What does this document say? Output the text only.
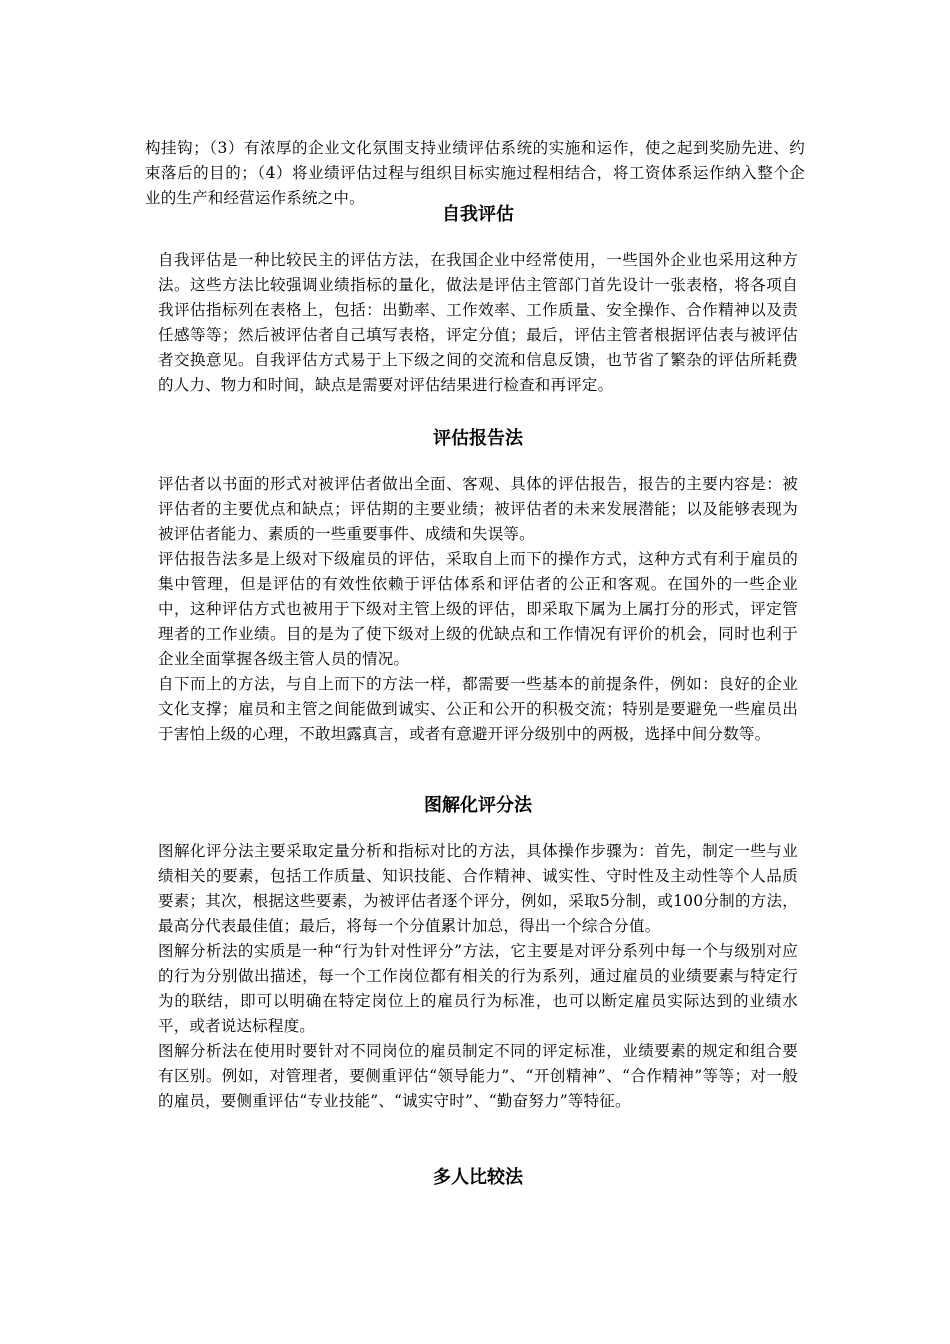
构挂钩；（3）有浓厚的企业文化氛围支持业绩评估系统的实施和运作，使之起到奖励先进、约束落后的目的；（4）将业绩评估过程与组织目标实施过程相结合，将工资体系运作纳入整个企业的生产和经营运作系统之中。

自我评估

自我评估是一种比较民主的评估方法，在我国企业中经常使用，一些国外企业也采用这种方法。这些方法比较强调业绩指标的量化，做法是评估主管部门首先设计一张表格，将各项自我评估指标列在表格上，包括：出勤率、工作效率、工作质量、安全操作、合作精神以及责任感等等；然后被评估者自己填写表格，评定分值；最后，评估主管者根据评估表与被评估者交换意见。自我评估方式易于上下级之间的交流和信息反馈，也节省了繁杂的评估所耗费的人力、物力和时间，缺点是需要对评估结果进行检查和再评定。

评估报告法

评估者以书面的形式对被评估者做出全面、客观、具体的评估报告，报告的主要内容是：被评估者的主要优点和缺点；评估期的主要业绩；被评估者的未来发展潜能；以及能够表现为被评估者能力、素质的一些重要事件、成绩和失误等。

评估报告法多是上级对下级雇员的评估，采取自上而下的操作方式，这种方式有利于雇员的集中管理，但是评估的有效性依赖于评估体系和评估者的公正和客观。在国外的一些企业中，这种评估方式也被用于下级对主管上级的评估，即采取下属为上属打分的形式，评定管理者的工作业绩。目的是为了使下级对上级的优缺点和工作情况有评价的机会，同时也利于企业全面掌握各级主管人员的情况。

自下而上的方法，与自上而下的方法一样，都需要一些基本的前提条件，例如：良好的企业文化支撑；雇员和主管之间能做到诚实、公正和公开的积极交流；特别是要避免一些雇员出于害怕上级的心理，不敢坦露真言，或者有意避开评分级别中的两极，选择中间分数等。

图解化评分法

图解化评分法主要采取定量分析和指标对比的方法，具体操作步骤为：首先，制定一些与业绩相关的要素，包括工作质量、知识技能、合作精神、诚实性、守时性及主动性等个人品质要素；其次，根据这些要素，为被评估者逐个评分，例如，采取5分制，或100分制的方法，最高分代表最佳值；最后，将每一个分值累计加总，得出一个综合分值。

图解分析法的实质是一种“行为针对性评分”方法，它主要是对评分系列中每一个与级别对应的行为分别做出描述，每一个工作岗位都有相关的行为系列，通过雇员的业绩要素与特定行为的联结，即可以明确在特定岗位上的雇员行为标准，也可以断定雇员实际达到的业绩水平，或者说达标程度。

图解分析法在使用时要针对不同岗位的雇员制定不同的评定标准，业绩要素的规定和组合要有区别。例如，对管理者，要侧重评估“领导能力”、“开创精神”、“合作精神”等等；对一般的雇员，要侧重评估“专业技能”、“诚实守时”、“勤奋努力”等特征。

多人比较法
